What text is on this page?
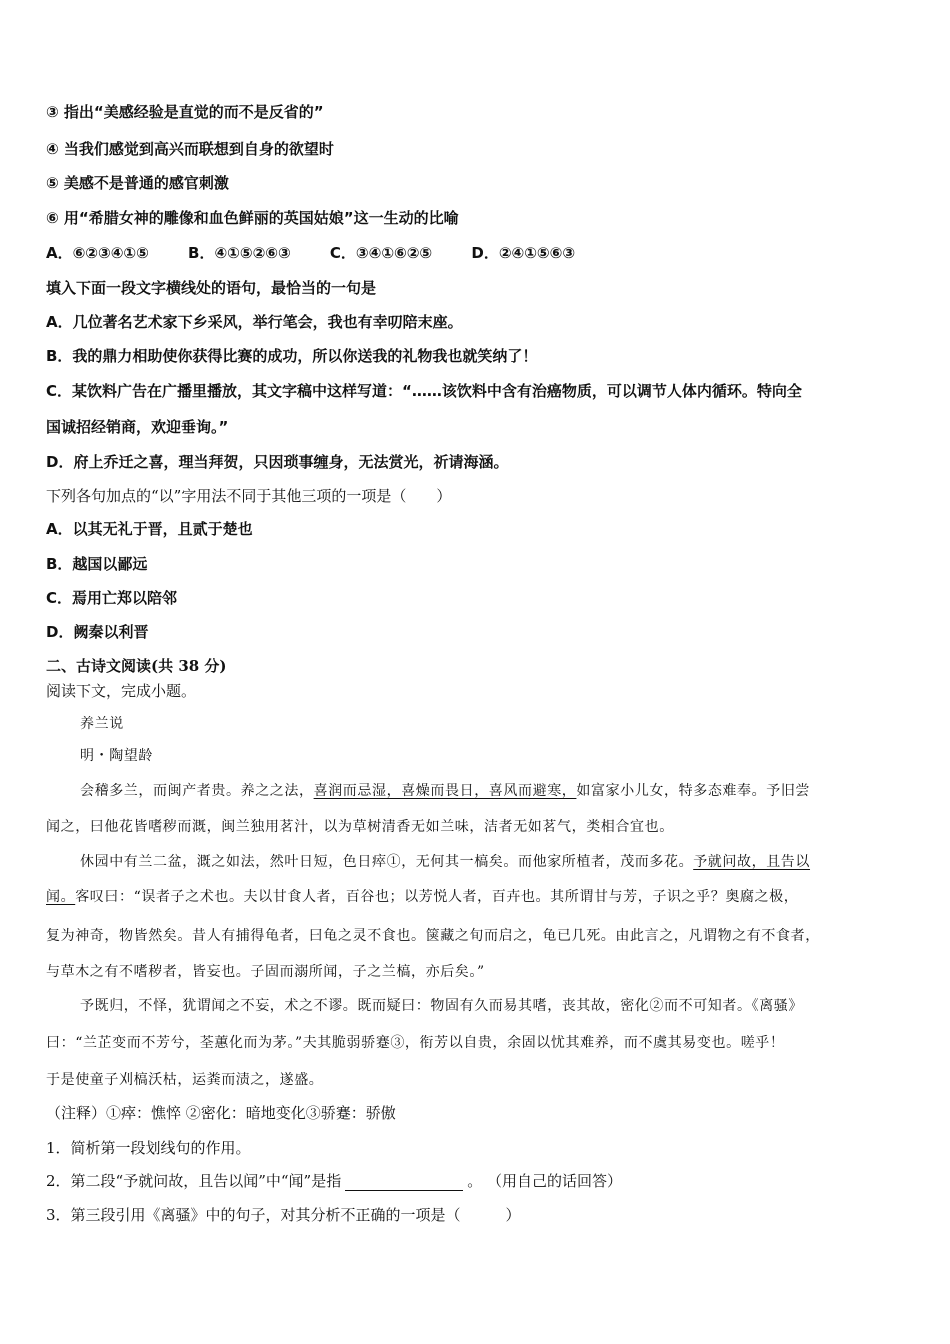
③ 指出“美感经验是直觉的而不是反省的”
④ 当我们感觉到高兴而联想到自身的欲望时
⑤ 美感不是普通的感官刺激
⑥ 用“希腊女神的雕像和血色鲜丽的英国姑娘”这一生动的比喻
A．⑥②③④①⑤	B．④①⑤②⑥③	C．③④①⑥②⑤	D．②④①⑤⑥③
填入下面一段文字横线处的语句，最恰当的一句是
A．几位著名艺术家下乡采风，举行笔会，我也有幸叨陪末座。
B．我的鼎力相助使你获得比赛的成功，所以你送我的礼物我也就笑纳了！
C．某饮料广告在广播里播放，其文字稿中这样写道：“……该饮料中含有治癌物质，可以调节人体内循环。特向全
国诚招经销商，欢迎垂询。”
D．府上乔迁之喜，理当拜贺，只因琐事缠身，无法赏光，祈请海涵。
下列各句加点的“以”字用法不同于其他三项的一项是（　　）
A．以其无礼于晋，且贰于楚也
B．越国以鄙远
C．焉用亡郑以陪邻
D．阙秦以利晋
二、古诗文阅读(共 38 分)
阅读下文，完成小题。
养兰说
明・陶望龄
会稽多兰，而闽产者贵。养之之法，喜润而忌湿，喜燥而畏日，喜风而避寒，如富家小儿女，特多态难奉。予旧尝
闻之，曰他花皆嗜秽而溉，闽兰独用茗汁，以为草树清香无如兰味，洁者无如茗气，类相合宜也。
休园中有兰二盆，溉之如法，然叶日短，色日瘁①，无何其一槁矣。而他家所植者，茂而多花。予就问故，且告以
闻。客叹曰：“误者子之术也。夫以甘食人者，百谷也；以芳悦人者，百卉也。其所谓甘与芳，子识之乎？奥腐之极，
复为神奇，物皆然矣。昔人有捕得龟者，曰龟之灵不食也。箧藏之旬而启之，龟已几死。由此言之，凡谓物之有不食者，
与草木之有不嗜秽者，皆妄也。子固而溺所闻，子之兰槁，亦后矣。”
予既归，不怿，犹谓闻之不妄，术之不谬。既而疑曰：物固有久而易其嗜，丧其故，密化②而不可知者。《离骚》
曰：“兰芷变而不芳兮，荃蕙化而为茅。”夫其脆弱骄蹇③，衔芳以自贵，余固以忧其难养，而不虞其易变也。嗟乎！
于是使童子刈槁沃枯，运粪而渍之，遂盛。
（注释）①瘁：憔悴 ②密化：暗地变化③骄蹇：骄傲
1．简析第一段划线句的作用。
2．第二段“予就问故，且告以闻”中“闻”是指	。 （用自己的话回答）
3．第三段引用《离骚》中的句子，对其分析不正确的一项是（　　　）
